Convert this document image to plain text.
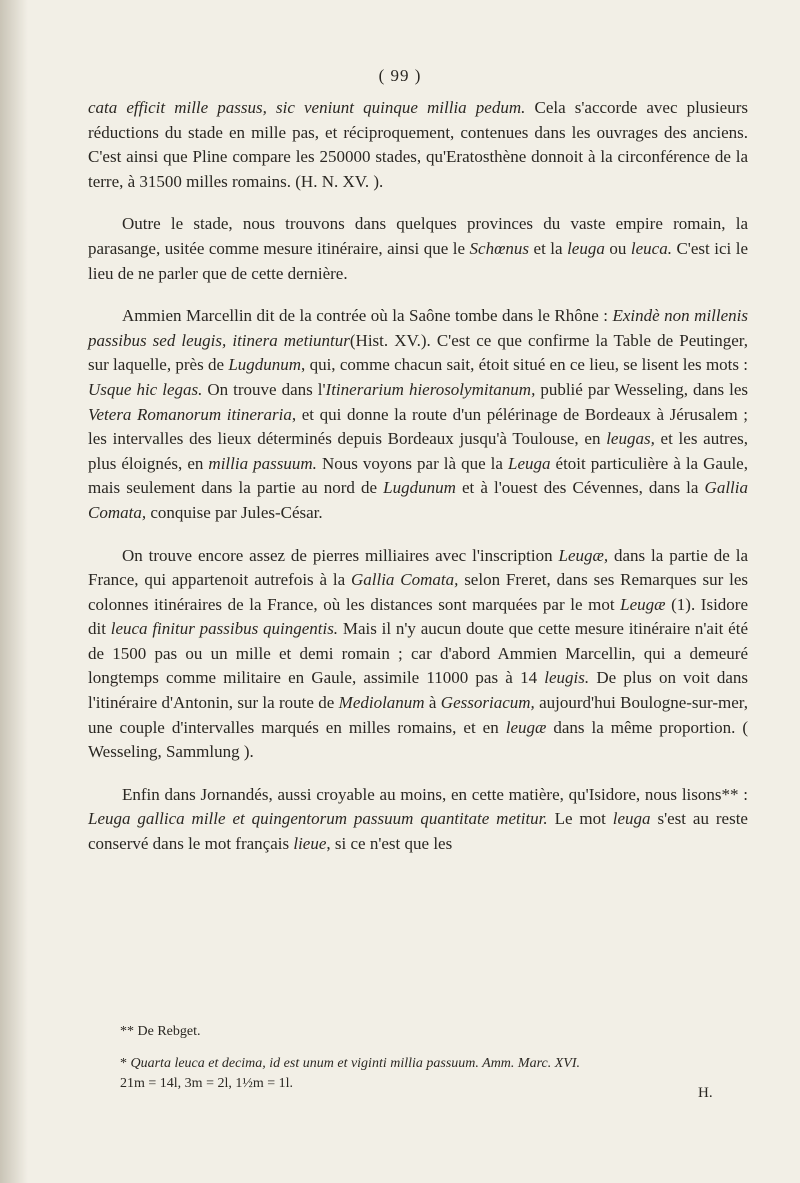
( 99 )

cata efficit mille passus, sic veniunt quinque millia pedum. Cela s'accorde avec plusieurs réductions du stade en mille pas, et réciproquement, contenues dans les ouvrages des anciens. C'est ainsi que Pline compare les 250000 stades, qu'Eratosthène donnoit à la circonférence de la terre, à 31500 milles romains. (H. N. XV. ).

Outre le stade, nous trouvons dans quelques provinces du vaste empire romain, la parasange, usitée comme mesure itinéraire, ainsi que le Schœnus et la leuga ou leuca. C'est ici le lieu de ne parler que de cette dernière.

Ammien Marcellin dit de la contrée où la Saône tombe dans le Rhône : Exindè non millenis passibus sed leugis, itinera metiuntur(Hist. XV.). C'est ce que confirme la Table de Peutinger, sur laquelle, près de Lugdunum, qui, comme chacun sait, étoit situé en ce lieu, se lisent les mots : Usque hic legas. On trouve dans l'Itinerarium hierosolymitanum, publié par Wesseling, dans les Vetera Romanorum itineraria, et qui donne la route d'un pélérinage de Bordeaux à Jérusalem ; les intervalles des lieux déterminés depuis Bordeaux jusqu'à Toulouse, en leugas, et les autres, plus éloignés, en millia passuum. Nous voyons par là que la Leuga étoit particulière à la Gaule, mais seulement dans la partie au nord de Lugdunum et à l'ouest des Cévennes, dans la Gallia Comata, conquise par Jules-César.

On trouve encore assez de pierres milliaires avec l'inscription Leugæ, dans la partie de la France, qui appartenoit autrefois à la Gallia Comata, selon Freret, dans ses Remarques sur les colonnes itinéraires de la France, où les distances sont marquées par le mot Leugæ (1). Isidore dit leuca finitur passibus quingentis. Mais il n'y aucun doute que cette mesure itinéraire n'ait été de 1500 pas ou un mille et demi romain ; car d'abord Ammien Marcellin, qui a demeuré longtemps comme militaire en Gaule, assimile 11000 pas à 14 leugis. De plus on voit dans l'itinéraire d'Antonin, sur la route de Mediolanum à Gessoriacum, aujourd'hui Boulogne-sur-mer, une couple d'intervalles marqués en milles romains, et en leugæ dans la même proportion. ( Wesseling, Sammlung ).

Enfin dans Jornandés, aussi croyable au moins, en cette matière, qu'Isidore, nous lisons** : Leuga gallica mille et quingentorum passuum quantitate metitur. Le mot leuga s'est au reste conservé dans le mot français lieue, si ce n'est que les

** De Rebget.

* Quarta leuca et decima, id est unum et viginti millia passuum. Amm. Marc. XVI.
21m = 14l, 3m = 2l, 1½m = 1l.

H.
